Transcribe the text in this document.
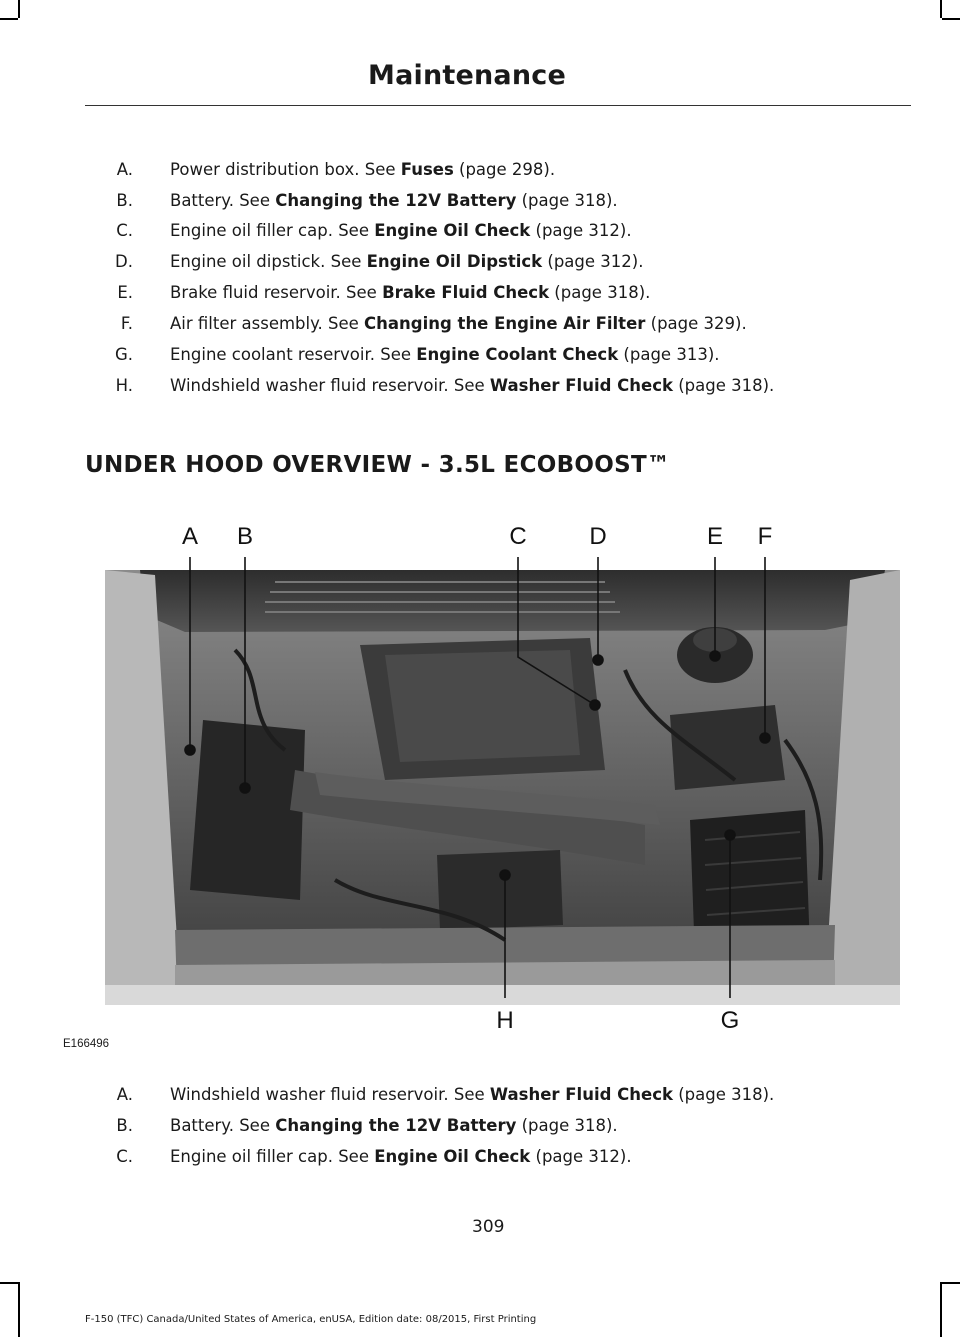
Maintenance
A. Power distribution box. See Fuses (page 298).
B. Battery. See Changing the 12V Battery (page 318).
C. Engine oil filler cap. See Engine Oil Check (page 312).
D. Engine oil dipstick. See Engine Oil Dipstick (page 312).
E. Brake fluid reservoir. See Brake Fluid Check (page 318).
F. Air filter assembly. See Changing the Engine Air Filter (page 329).
G. Engine coolant reservoir. See Engine Coolant Check (page 313).
H. Windshield washer fluid reservoir. See Washer Fluid Check (page 318).
UNDER HOOD OVERVIEW - 3.5L ECOBOOST™
A B	C	D	E F
G
H
E166496
A. Windshield washer fluid reservoir. See Washer Fluid Check (page 318).
B. Battery. See Changing the 12V Battery (page 318).
C. Engine oil filler cap. See Engine Oil Check (page 312).
309
F-150 (TFC) Canada/United States of America, enUSA, Edition date: 08/2015, First Printing
